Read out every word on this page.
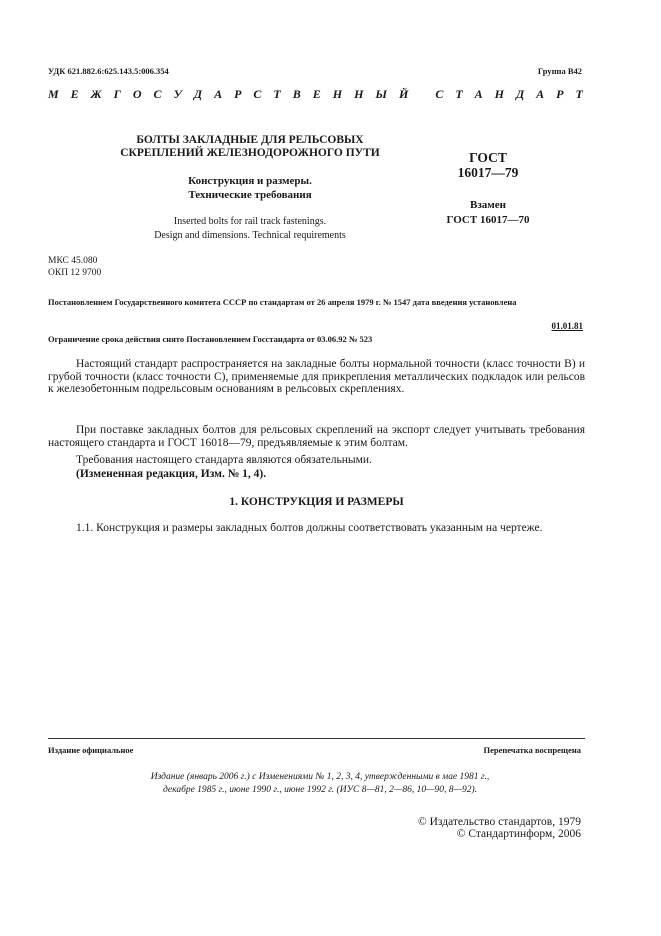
УДК 621.882.6:625.143.5:006.354	Группа В42
М Е Ж Г О С У Д А Р С Т В Е Н Н Ы Й
С Т А Н Д А Р Т
БОЛТЫ ЗАКЛАДНЫЕ ДЛЯ РЕЛЬСОВЫХ
СКРЕПЛЕНИЙ ЖЕЛЕЗНОДОРОЖНОГО ПУТИ
Конструкция и размеры.
Технические требования
Inserted bolts for rail track fastenings.
Design and dimensions. Technical requirements
ГОСТ
16017—79
Взамен
ГОСТ 16017—70
МКС 45.080
ОКП 12 9700
Постановлением Государственного комитета СССР по стандартам от 26 апреля 1979 г. № 1547 дата введения установлена
01.01.81
Ограничение срока действия снято Постановлением Госстандарта от 03.06.92 № 523
Настоящий стандарт распространяется на закладные болты нормальной точности (класс точности В) и грубой точности (класс точности С), применяемые для прикрепления металлических подкладок или рельсов к железобетонным подрельсовым основаниям в рельсовых скреплениях.
При поставке закладных болтов для рельсовых скреплений на экспорт следует учитывать требования настоящего стандарта и ГОСТ 16018—79, предъявляемые к этим болтам.
Требования настоящего стандарта являются обязательными.
(Измененная редакция, Изм. № 1, 4).
1. КОНСТРУКЦИЯ И РАЗМЕРЫ
1.1. Конструкция и размеры закладных болтов должны соответствовать указанным на чертеже.
Издание официальное	Перепечатка воспрещена
Издание (январь 2006 г.) с Изменениями № 1, 2, 3, 4, утвержденными в мае 1981 г.,
декабре 1985 г., июне 1990 г., июне 1992 г. (ИУС 8—81, 2—86, 10—90, 8—92).
© Издательство стандартов, 1979
© Стандартинформ, 2006
